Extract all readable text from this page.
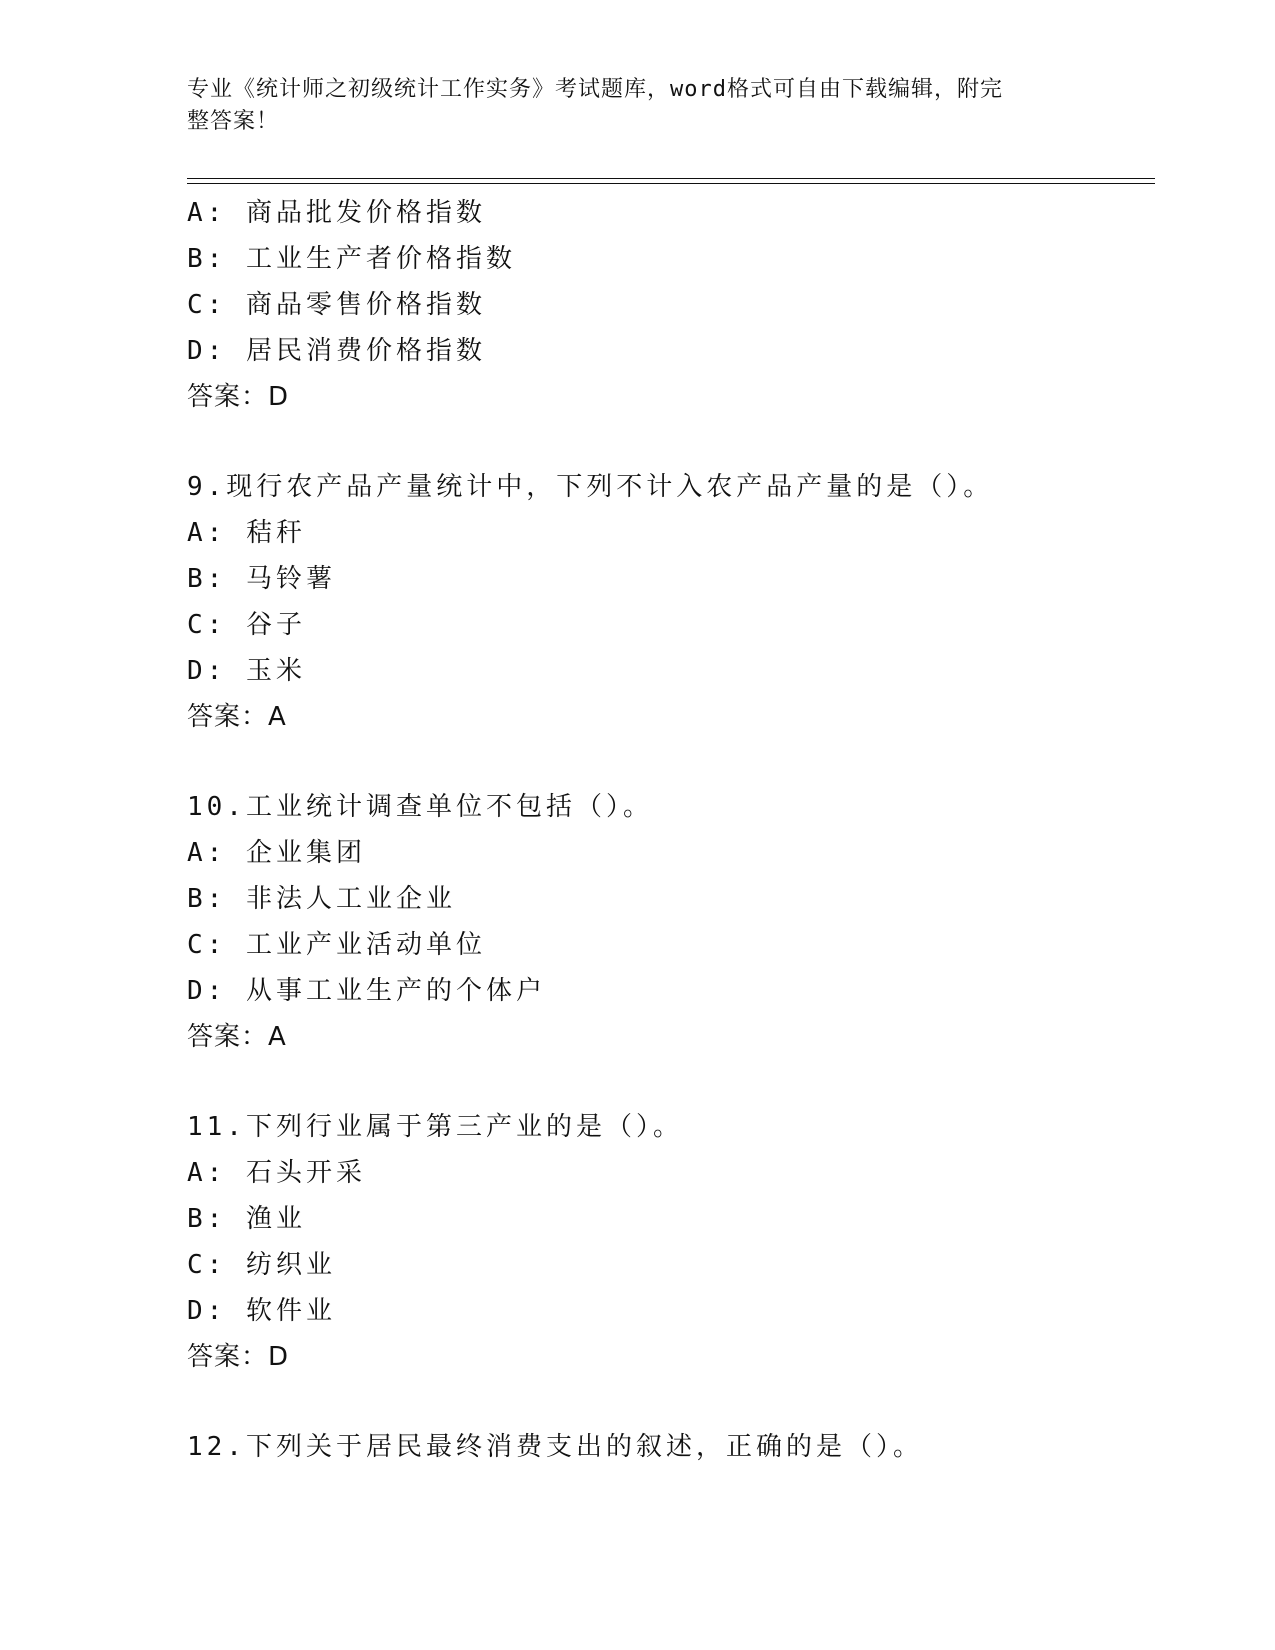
专业《统计师之初级统计工作实务》考试题库，word格式可自由下载编辑，附完
整答案！
A: 商品批发价格指数
B: 工业生产者价格指数
C: 商品零售价格指数
D: 居民消费价格指数
答案：D
9.现行农产品产量统计中，下列不计入农产品产量的是（）。
A: 秸秆
B: 马铃薯
C: 谷子
D: 玉米
答案：A
10.工业统计调查单位不包括（）。
A: 企业集团
B: 非法人工业企业
C: 工业产业活动单位
D: 从事工业生产的个体户
答案：A
11.下列行业属于第三产业的是（）。
A: 石头开采
B: 渔业
C: 纺织业
D: 软件业
答案：D
12.下列关于居民最终消费支出的叙述，正确的是（）。
